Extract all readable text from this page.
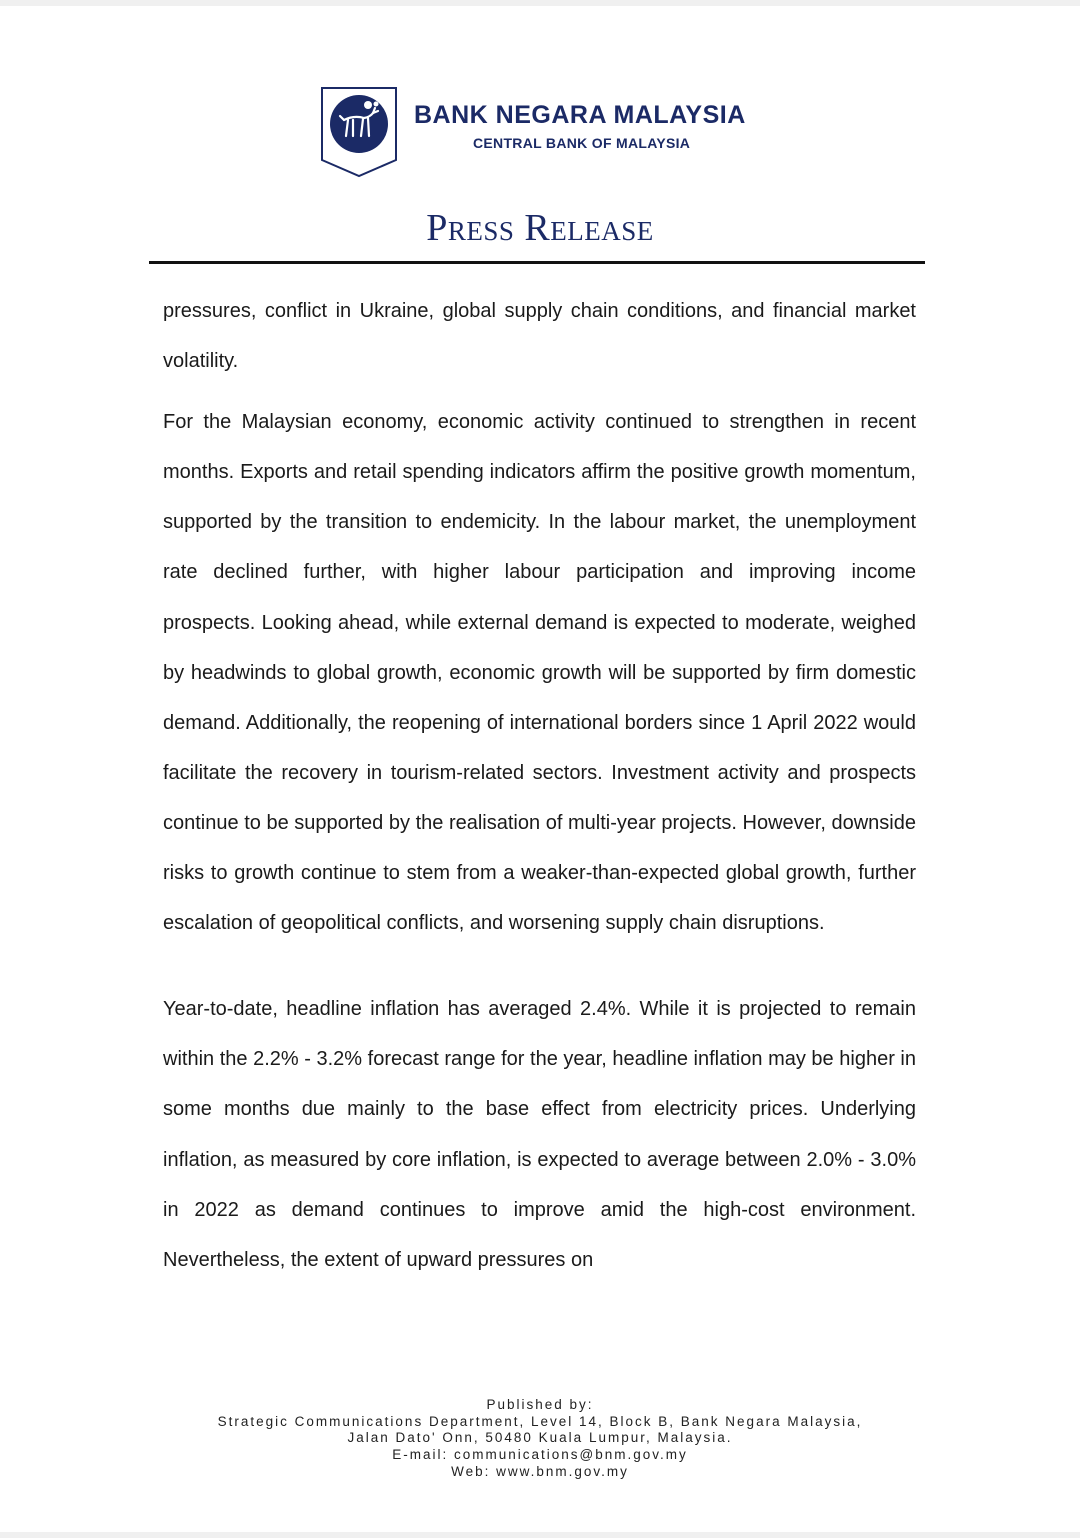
BANK NEGARA MALAYSIA
CENTRAL BANK OF MALAYSIA
Press Release

pressures, conflict in Ukraine, global supply chain conditions, and financial market volatility.

For the Malaysian economy, economic activity continued to strengthen in recent months. Exports and retail spending indicators affirm the positive growth momentum, supported by the transition to endemicity. In the labour market, the unemployment rate declined further, with higher labour participation and improving income prospects. Looking ahead, while external demand is expected to moderate, weighed by headwinds to global growth, economic growth will be supported by firm domestic demand. Additionally, the reopening of international borders since 1 April 2022 would facilitate the recovery in tourism-related sectors. Investment activity and prospects continue to be supported by the realisation of multi-year projects. However, downside risks to growth continue to stem from a weaker-than-expected global growth, further escalation of geopolitical conflicts, and worsening supply chain disruptions.

Year-to-date, headline inflation has averaged 2.4%. While it is projected to remain within the 2.2% - 3.2% forecast range for the year, headline inflation may be higher in some months due mainly to the base effect from electricity prices. Underlying inflation, as measured by core inflation, is expected to average between 2.0% - 3.0% in 2022 as demand continues to improve amid the high-cost environment. Nevertheless, the extent of upward pressures on

Published by:
Strategic Communications Department, Level 14, Block B, Bank Negara Malaysia,
Jalan Dato' Onn, 50480 Kuala Lumpur, Malaysia.
E-mail: communications@bnm.gov.my
Web: www.bnm.gov.my
